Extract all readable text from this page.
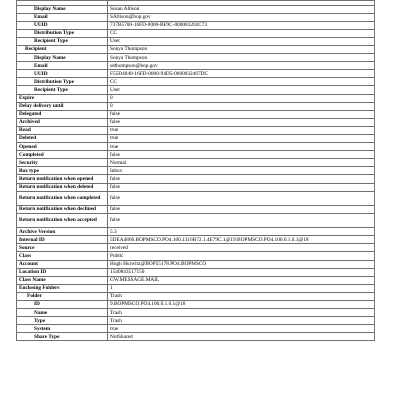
Display Name	Susan Allison
Email	SAllison@bop.gov
UUID	737B5700-16FD-0000-BF9C-000083202C73
Distribution Type	CC
Recipient Type	User
Recipient	Sonya Thompson
Display Name	Sonya Thompson
Email	sdthompson@bop.gov
UUID	F55D4040-16FD-0000-94D5-0000032467DC
Distribution Type	CC
Recipient Type	User
Expire	0
Delay delivery until	0
Delegated	false
Archived	false
Read	true
Deleted	true
Opened	true
Completed	false
Security	Normal
Box type	Inbox
Return notification when opened	false
Return notification when deleted	false
Return notification when completed	false
Return notification when declined	false
Return notification when accepted	false
Archive Version	5.3
Internal ID	5DEA4866.BOPMSCO.PO4.100.1316B72.1.4E79C.1@19:BOPMSCO.PO4.100.0.1.0.1@18
Source	received
Class	Public
Account	Hugh Hurwitz@BOP55178.PO4.BOPMSCO
Location ID	1540843517150
Class Name	GW.MESSAGE.MAIL
Enclosing Folders	1
Folder	Trash
ID	9.BOPMSCO.PO4.100.0.1.0.1@18
Name	Trash
Type	Trash
System	true
Share Type	NotShared
